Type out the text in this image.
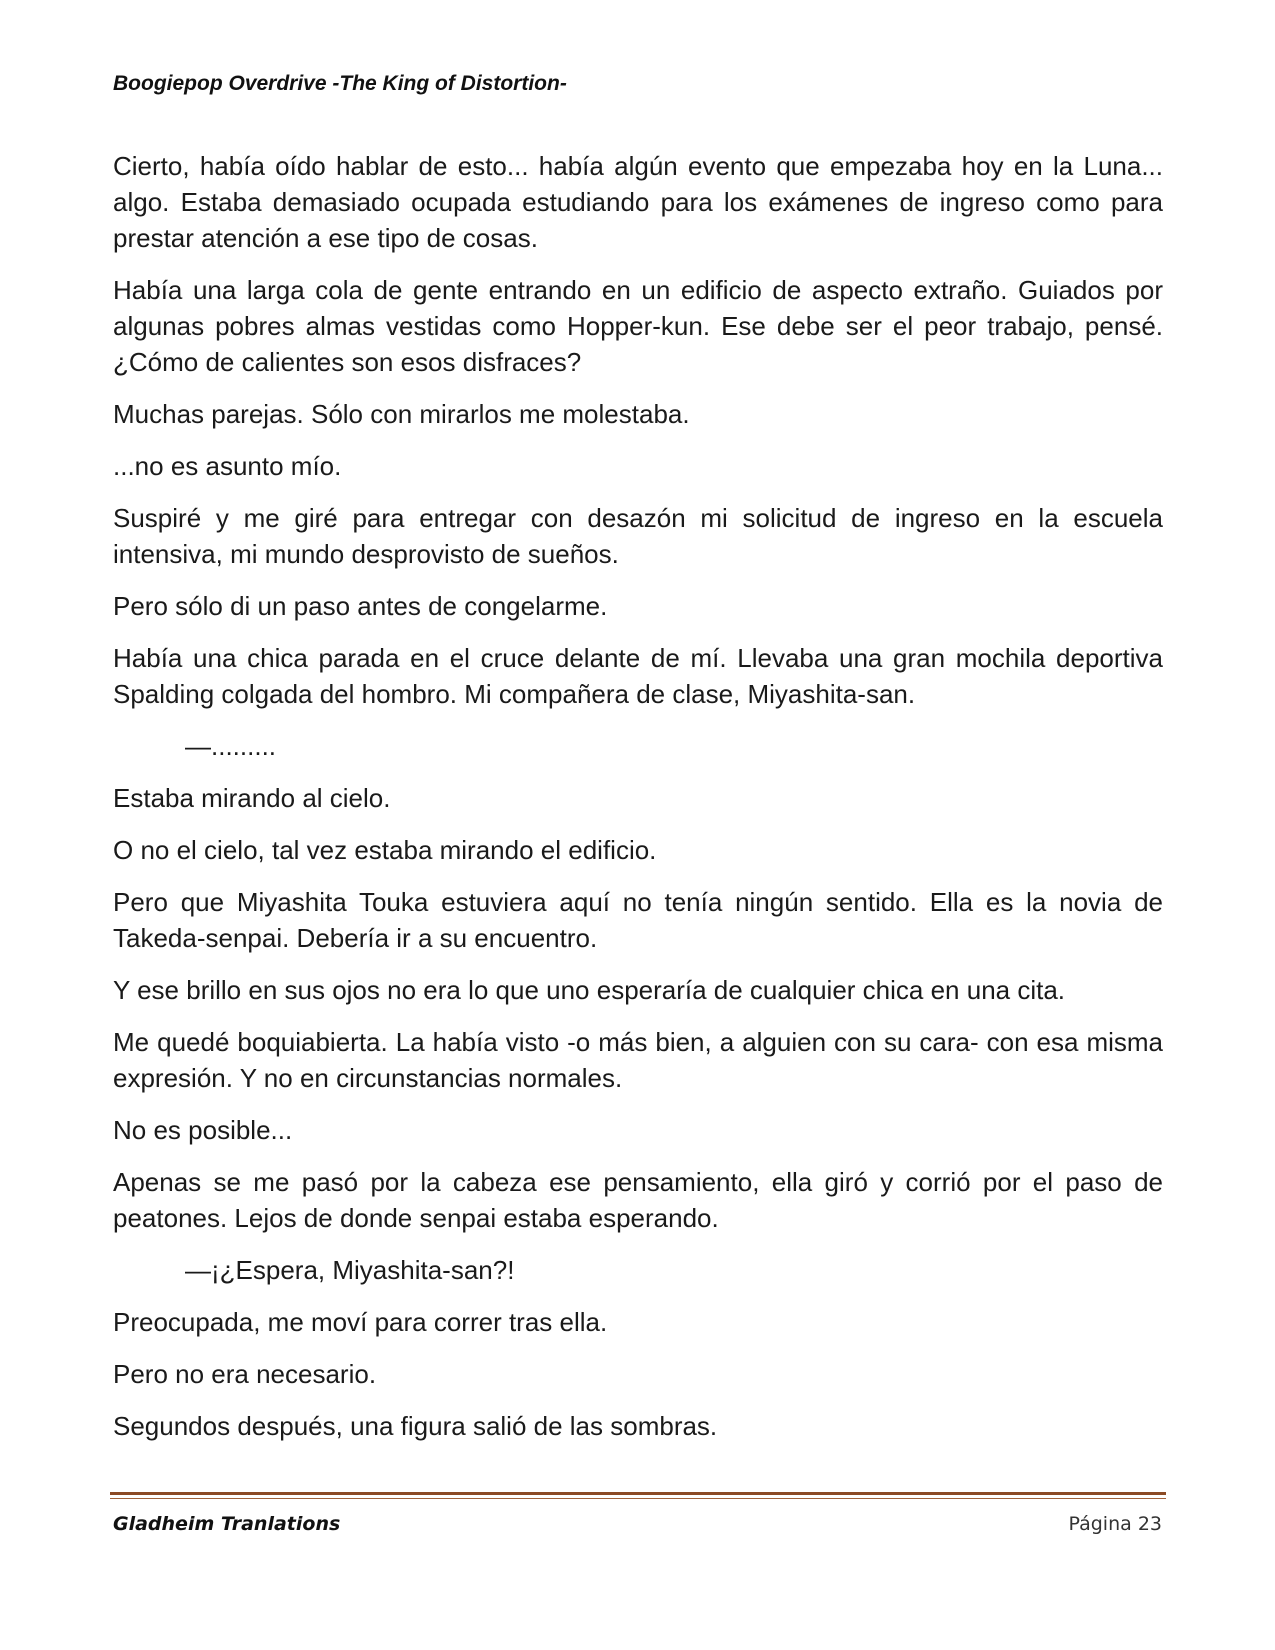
Boogiepop Overdrive -The King of Distortion-

Cierto, había oído hablar de esto... había algún evento que empezaba hoy en la Luna... algo. Estaba demasiado ocupada estudiando para los exámenes de ingreso como para prestar atención a ese tipo de cosas.

Había una larga cola de gente entrando en un edificio de aspecto extraño. Guiados por algunas pobres almas vestidas como Hopper-kun. Ese debe ser el peor trabajo, pensé. ¿Cómo de calientes son esos disfraces?

Muchas parejas. Sólo con mirarlos me molestaba.

...no es asunto mío.

Suspiré y me giré para entregar con desazón mi solicitud de ingreso en la escuela intensiva, mi mundo desprovisto de sueños.

Pero sólo di un paso antes de congelarme.

Había una chica parada en el cruce delante de mí. Llevaba una gran mochila deportiva Spalding colgada del hombro. Mi compañera de clase, Miyashita-san.

—.........

Estaba mirando al cielo.

O no el cielo, tal vez estaba mirando el edificio.

Pero que Miyashita Touka estuviera aquí no tenía ningún sentido. Ella es la novia de Takeda-senpai. Debería ir a su encuentro.

Y ese brillo en sus ojos no era lo que uno esperaría de cualquier chica en una cita.

Me quedé boquiabierta. La había visto -o más bien, a alguien con su cara- con esa misma expresión. Y no en circunstancias normales.

No es posible...

Apenas se me pasó por la cabeza ese pensamiento, ella giró y corrió por el paso de peatones. Lejos de donde senpai estaba esperando.

—¡¿Espera, Miyashita-san?!

Preocupada, me moví para correr tras ella.

Pero no era necesario.

Segundos después, una figura salió de las sombras.

Gladheim Tranlations	Página 23
